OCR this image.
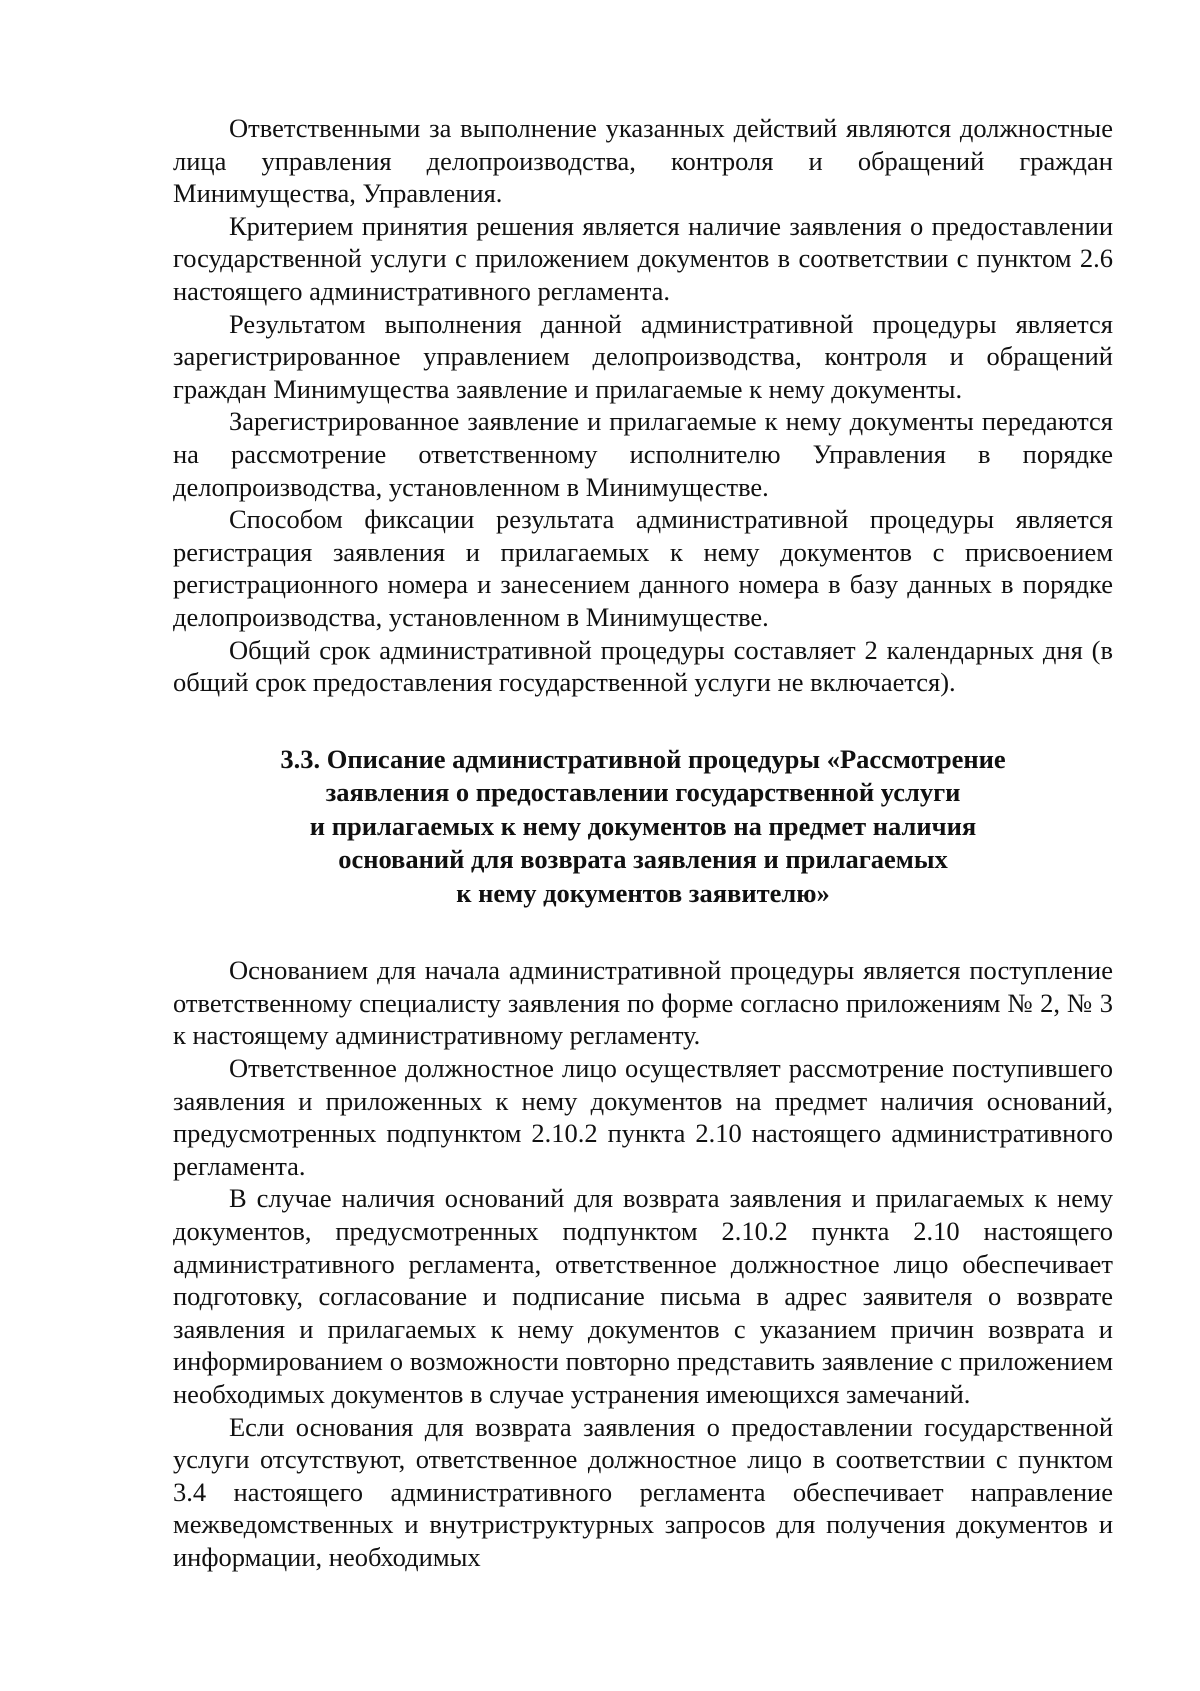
Ответственными за выполнение указанных действий являются должностные лица управления делопроизводства, контроля и обращений граждан Минимущества, Управления.

Критерием принятия решения является наличие заявления о предоставлении государственной услуги с приложением документов в соответствии с пунктом 2.6 настоящего административного регламента.

Результатом выполнения данной административной процедуры является зарегистрированное управлением делопроизводства, контроля и обращений граждан Минимущества заявление и прилагаемые к нему документы.

Зарегистрированное заявление и прилагаемые к нему документы передаются на рассмотрение ответственному исполнителю Управления в порядке делопроизводства, установленном в Минимуществе.

Способом фиксации результата административной процедуры является регистрация заявления и прилагаемых к нему документов с присвоением регистрационного номера и занесением данного номера в базу данных в порядке делопроизводства, установленном в Минимуществе.

Общий срок административной процедуры составляет 2 календарных дня (в общий срок предоставления государственной услуги не включается).

3.3. Описание административной процедуры «Рассмотрение
заявления о предоставлении государственной услуги
и прилагаемых к нему документов на предмет наличия
оснований для возврата заявления и прилагаемых
к нему документов заявителю»

Основанием для начала административной процедуры является поступление ответственному специалисту заявления по форме согласно приложениям № 2, № 3 к настоящему административному регламенту.

Ответственное должностное лицо осуществляет рассмотрение поступившего заявления и приложенных к нему документов на предмет наличия оснований, предусмотренных подпунктом 2.10.2 пункта 2.10 настоящего административного регламента.

В случае наличия оснований для возврата заявления и прилагаемых к нему документов, предусмотренных подпунктом 2.10.2 пункта 2.10 настоящего административного регламента, ответственное должностное лицо обеспечивает подготовку, согласование и подписание письма в адрес заявителя о возврате заявления и прилагаемых к нему документов с указанием причин возврата и информированием о возможности повторно представить заявление с приложением необходимых документов в случае устранения имеющихся замечаний.

Если основания для возврата заявления о предоставлении государственной услуги отсутствуют, ответственное должностное лицо в соответствии с пунктом 3.4 настоящего административного регламента обеспечивает направление межведомственных и внутриструктурных запросов для получения документов и информации, необходимых
